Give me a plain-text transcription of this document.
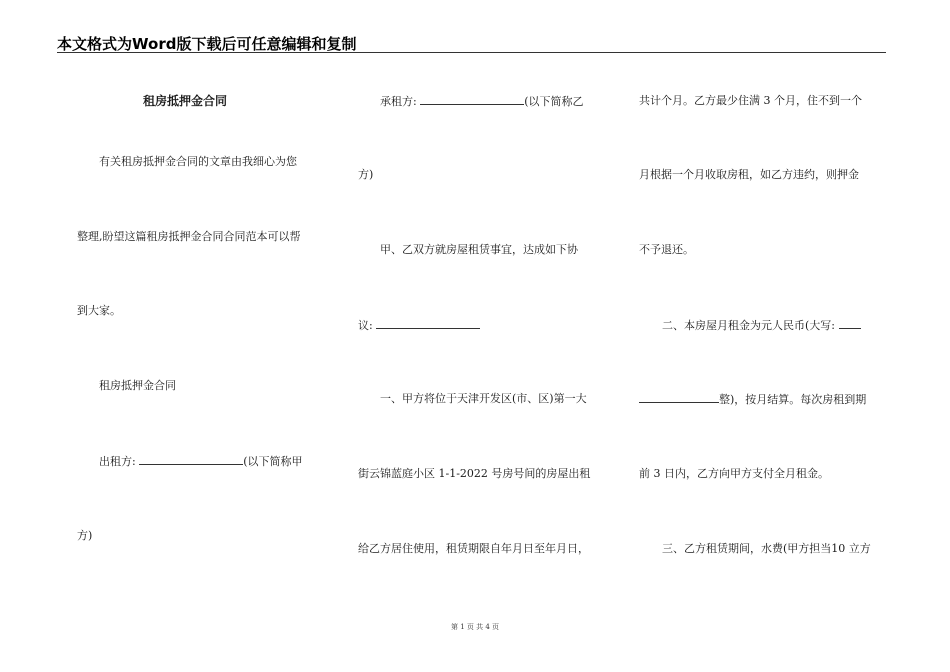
本文格式为Word版下载后可任意编辑和复制
租房抵押金合同
有关租房抵押金合同的文章由我细心为您
整理,盼望这篇租房抵押金合同合同范本可以帮
到大家。
租房抵押金合同
出租方:	(以下简称甲
方)
承租方:	(以下简称乙
方)
甲、乙双方就房屋租赁事宜，达成如下协
议:
一、甲方将位于天津开发区(市、区)第一大
街云锦蓝庭小区 1-1-2022 号房号间的房屋出租
给乙方居住使用，租赁期限自年月日至年月日，
共计个月。乙方最少住满 3 个月，住不到一个
月根据一个月收取房租，如乙方违约，则押金
不予退还。
二、本房屋月租金为元人民币(大写:
整)，按月结算。每次房租到期
前 3 日内，乙方向甲方支付全月租金。
三、乙方租赁期间，水费(甲方担当10 立方
第 1 页 共 4 页
